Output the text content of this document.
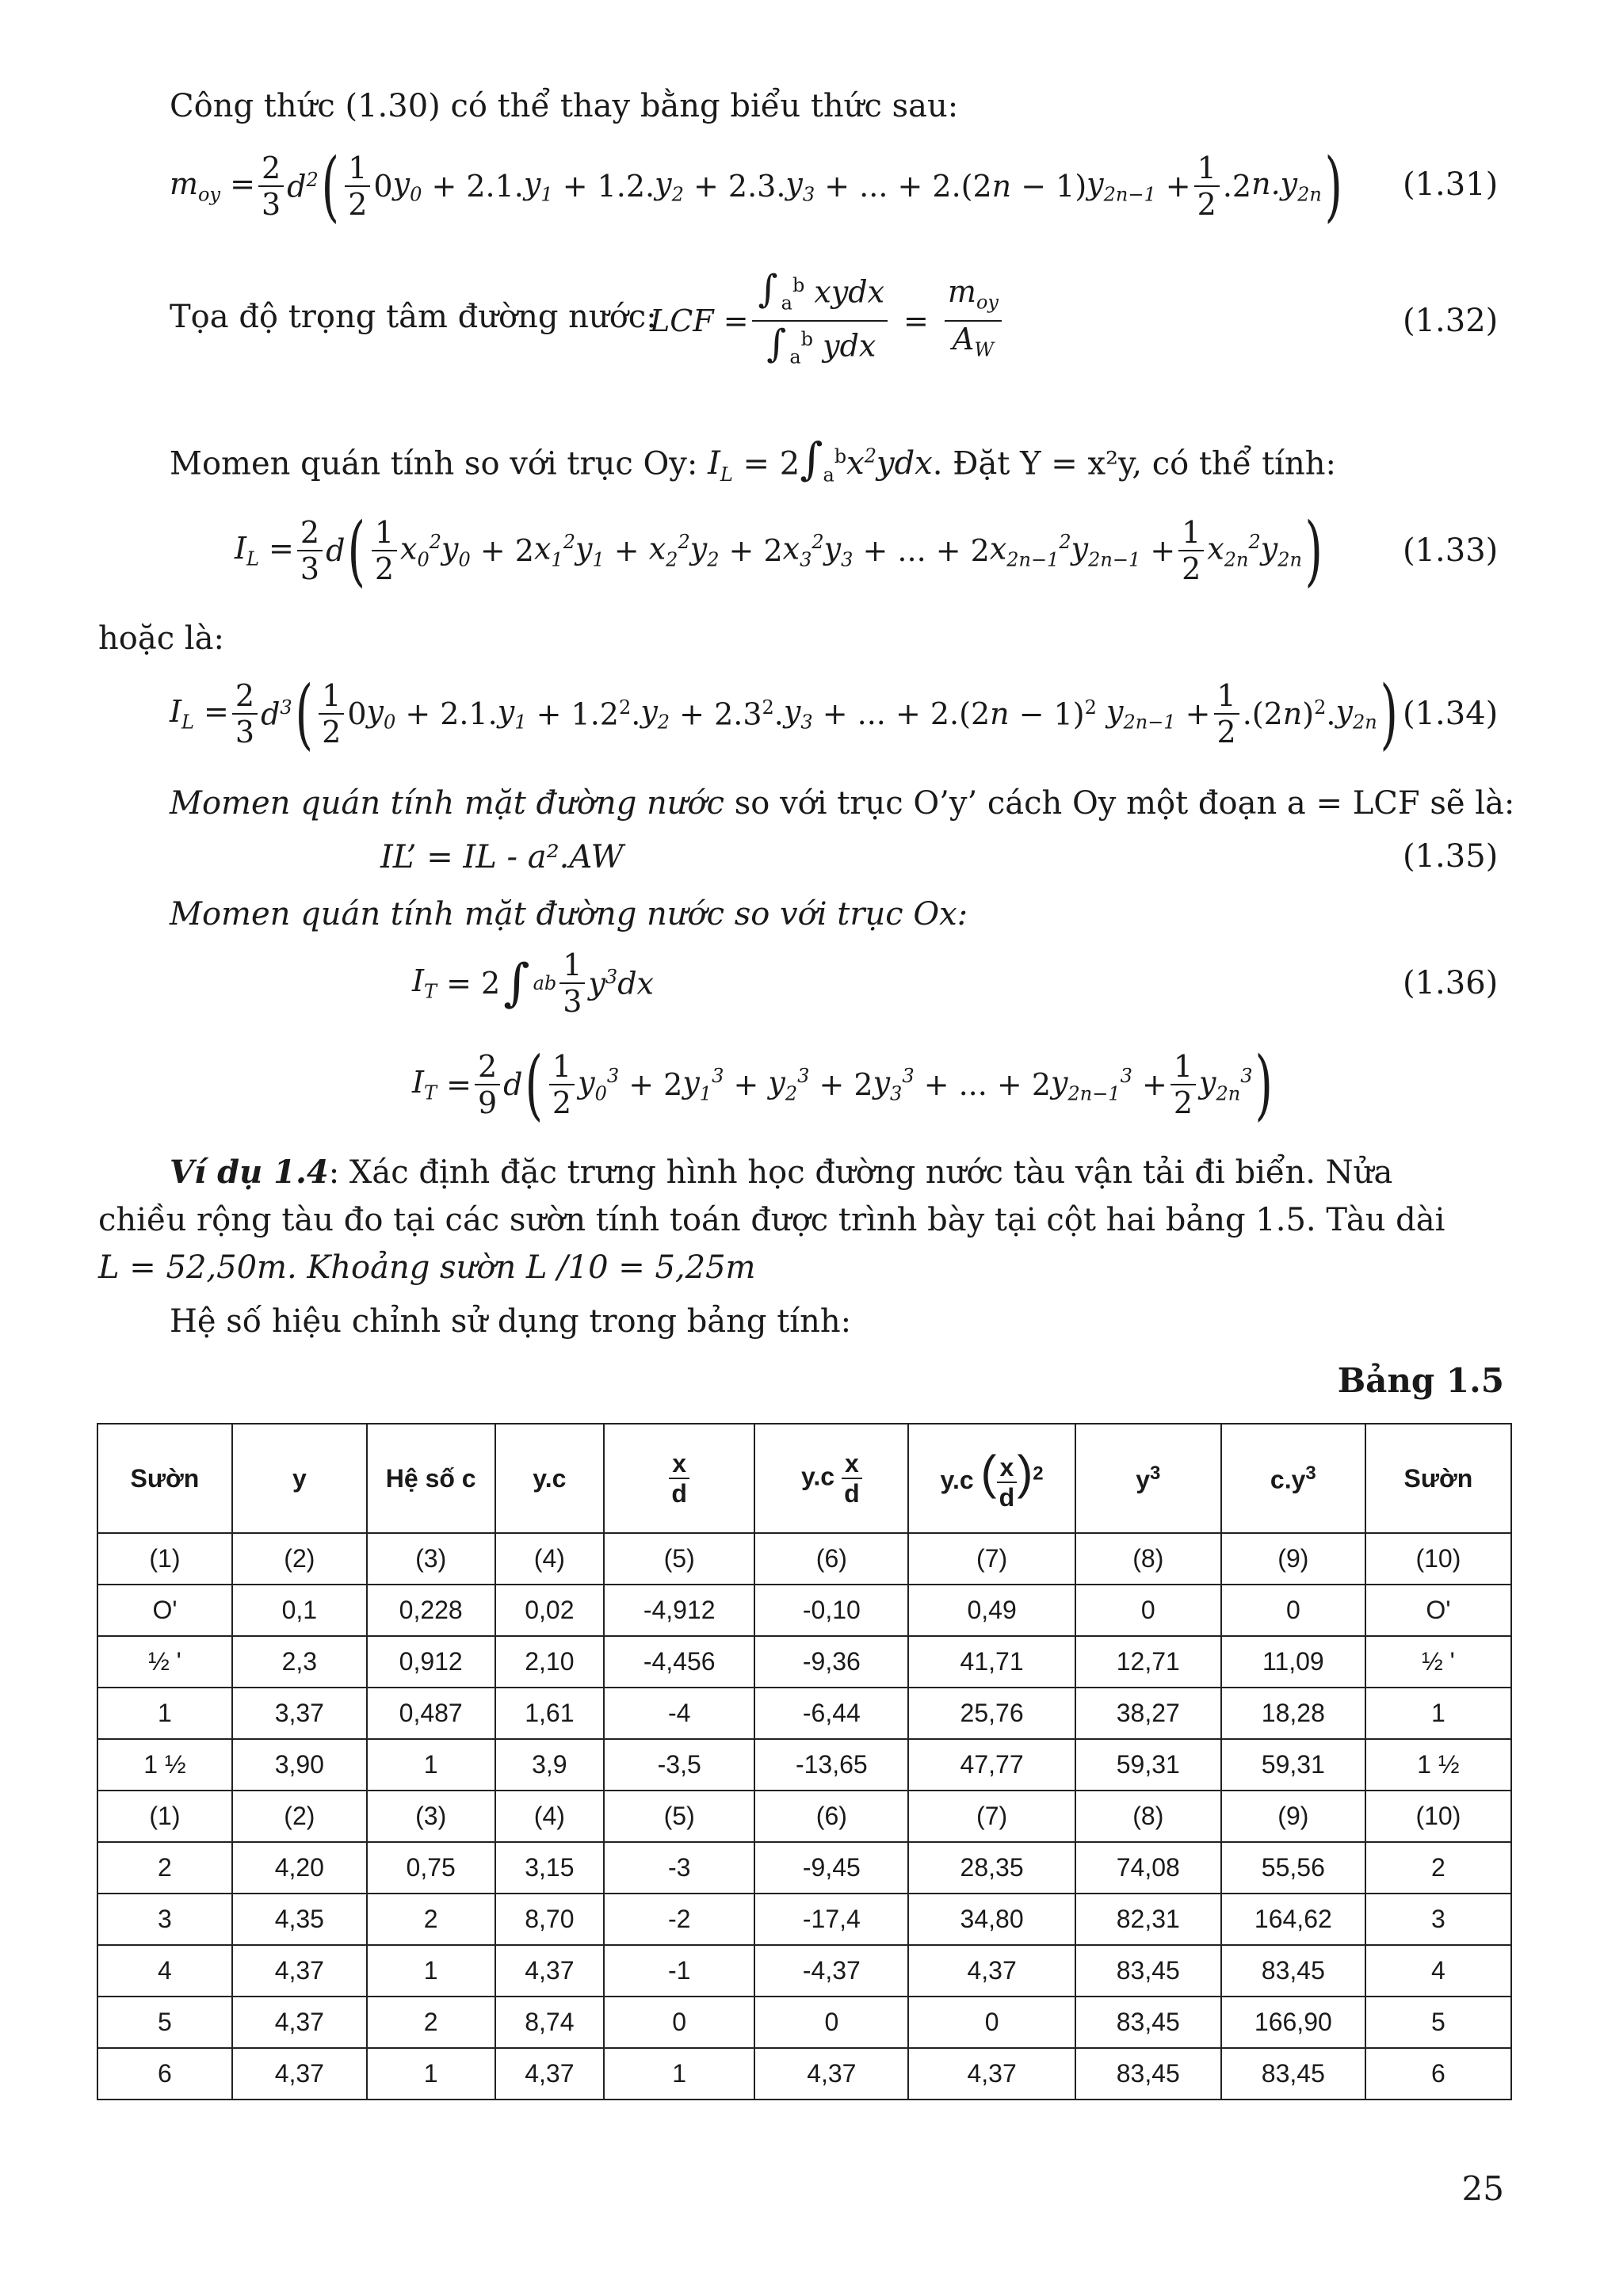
Công thức (1.30) có thể thay bằng biểu thức sau:
$m_{oy} = \frac{2}{3} d^2$ ( $\frac{1}{2} 0$ $y_0 + 2.1$. $y_1 + 1.2$. $y_2 + 2.3$. $y_3$ + ... + 2.(2 n − 1) $y_{2n-1} + \frac{1}{2} .2$ $n.y_{2n}$ ) (1.31)
Tọa độ trọng tâm đường nước:
LCF = $\frac{\int _a^b xydx}{\int _a^b ydx} = \frac{m_{oy}}{A_W}$	(1.32)
Momen quán tính so với trục Oy: $I_L = 2\int_a^bx^2ydx$. Đặt Y = x²y, có thể tính:
$I_L = \frac{2}{3}$ d ( $\frac{1}{2} x_0^2y_0 + 2$ $x_1^2y_1 + x_2^2y_2 + 2$ $x_3^2y_3$ + ... + 2 $x_{2n-1}^2y_{2n-1} + \frac{1}{2} x_{2n}^2y_{2n}$ )	(1.33)
hoặc là:
$I_L = \frac{2}{3} d^3$ ( $\frac{1}{2} 0$ $y_0 + 2.1$. $y_1 + 1.2^2$. $y_2 + 2.3^2$. $y_3$ + ... + 2.(2 n − 1)$^2$ $y_{2n-1} + \frac{1}{2} .(2$ n )$^2$. $y_{2n}$ ) (1.34)
Momen quán tính mặt đường nước so với trục O’y’ cách Oy một đoạn a = LCF sẽ là:
IL’ = IL - a².AW	(1.35)
Momen quán tính mặt đường nước so với trục Ox:
$I_T = 2$ ∫ a b $\frac{1}{3} y^3dx$	(1.36)
$I_T = \frac{2}{9}$ d ( $\frac{1}{2} y_0^3 + 2$ $y_1^3 + y_2^3 + 2$ $y_3^3$ + ... + 2 $y_{2n-1}^3 + \frac{1}{2} y_{2n}^3$ )
Ví dụ 1.4: Xác định đặc trưng hình học đường nước tàu vận tải đi biển. Nửa
chiều rộng tàu đo tại các sườn tính toán được trình bày tại cột hai bảng 1.5. Tàu dài
L = 52,50m. Khoảng sườn L /10 = 5,25m
Hệ số hiệu chỉnh sử dụng trong bảng tính:
Bảng 1.5
Sườn	y	Hệ số c	y.c	$\frac{x}{d}$	$y.c \frac{x}{d}$	y.c ( $\frac{x}{d} )^2$	$y^3$	$c.y^3$	Sườn
(1)	(2)	(3)	(4)	(5)	(6)	(7)	(8)	(9)	(10)
O'	0,1	0,228	0,02	-4,912	-0,10	0,49	0	0	O'
½ '	2,3	0,912	2,10	-4,456	-9,36	41,71	12,71	11,09	½ '
1	3,37	0,487	1,61	-4	-6,44	25,76	38,27	18,28	1
1 ½	3,90	1	3,9	-3,5	-13,65	47,77	59,31	59,31	1 ½
(1)	(2)	(3)	(4)	(5)	(6)	(7)	(8)	(9)	(10)
2	4,20	0,75	3,15	-3	-9,45	28,35	74,08	55,56	2
3	4,35	2	8,70	-2	-17,4	34,80	82,31	164,62	3
4	4,37	1	4,37	-1	-4,37	4,37	83,45	83,45	4
5	4,37	2	8,74	0	0	0	83,45	166,90	5
6	4,37	1	4,37	1	4,37	4,37	83,45	83,45	6
25
